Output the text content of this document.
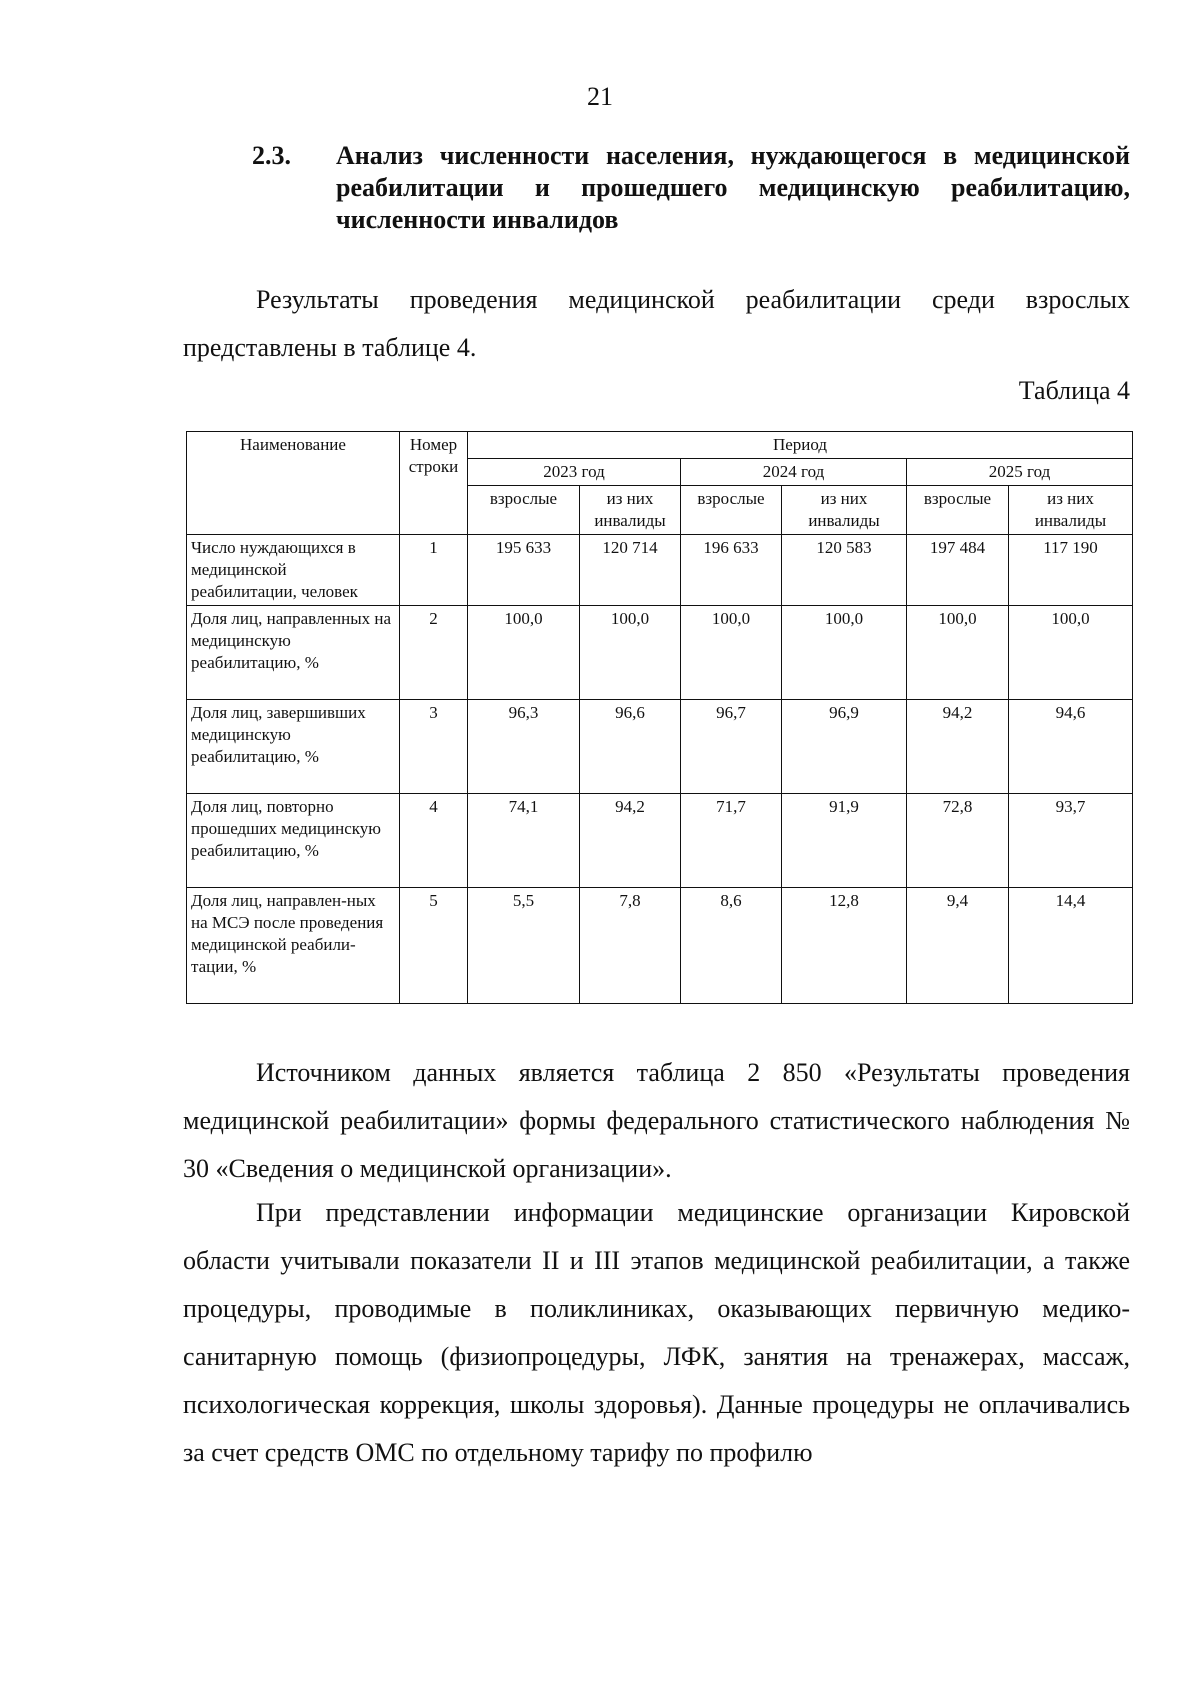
21
2.3. Анализ численности населения, нуждающегося в медицинской реабилитации и прошедшего медицинскую реабилитацию, численности инвалидов

Результаты проведения медицинской реабилитации среди взрослых представлены в таблице 4.

Таблица 4
Наименование	Номер строки	Период					
		2023 год		2024 год		2025 год	
		взрослые	из них инвалиды	взрослые	из них инвалиды	взрослые	из них инвалиды
Число нуждающихся в медицинской реабилитации, человек	1	195 633	120 714	196 633	120 583	197 484	117 190
Доля лиц, направленных на медицинскую реабилитацию, %	2	100,0	100,0	100,0	100,0	100,0	100,0
Доля лиц, завершивших медицинскую реабилитацию, %	3	96,3	96,6	96,7	96,9	94,2	94,6
Доля лиц, повторно прошедших медицинскую реабилитацию, %	4	74,1	94,2	71,7	91,9	72,8	93,7
Доля лиц, направлен-ных на МСЭ после проведения медицинской реабили-тации, %	5	5,5	7,8	8,6	12,8	9,4	14,4

Источником данных является таблица 2 850 «Результаты проведения медицинской реабилитации» формы федерального статистического наблюдения № 30 «Сведения о медицинской организации».

При представлении информации медицинские организации Кировской области учитывали показатели II и III этапов медицинской реабилитации, а также процедуры, проводимые в поликлиниках, оказывающих первичную медико-санитарную помощь (физиопроцедуры, ЛФК, занятия на тренажерах, массаж, психологическая коррекция, школы здоровья). Данные процедуры не оплачивались за счет средств ОМС по отдельному тарифу по профилю
